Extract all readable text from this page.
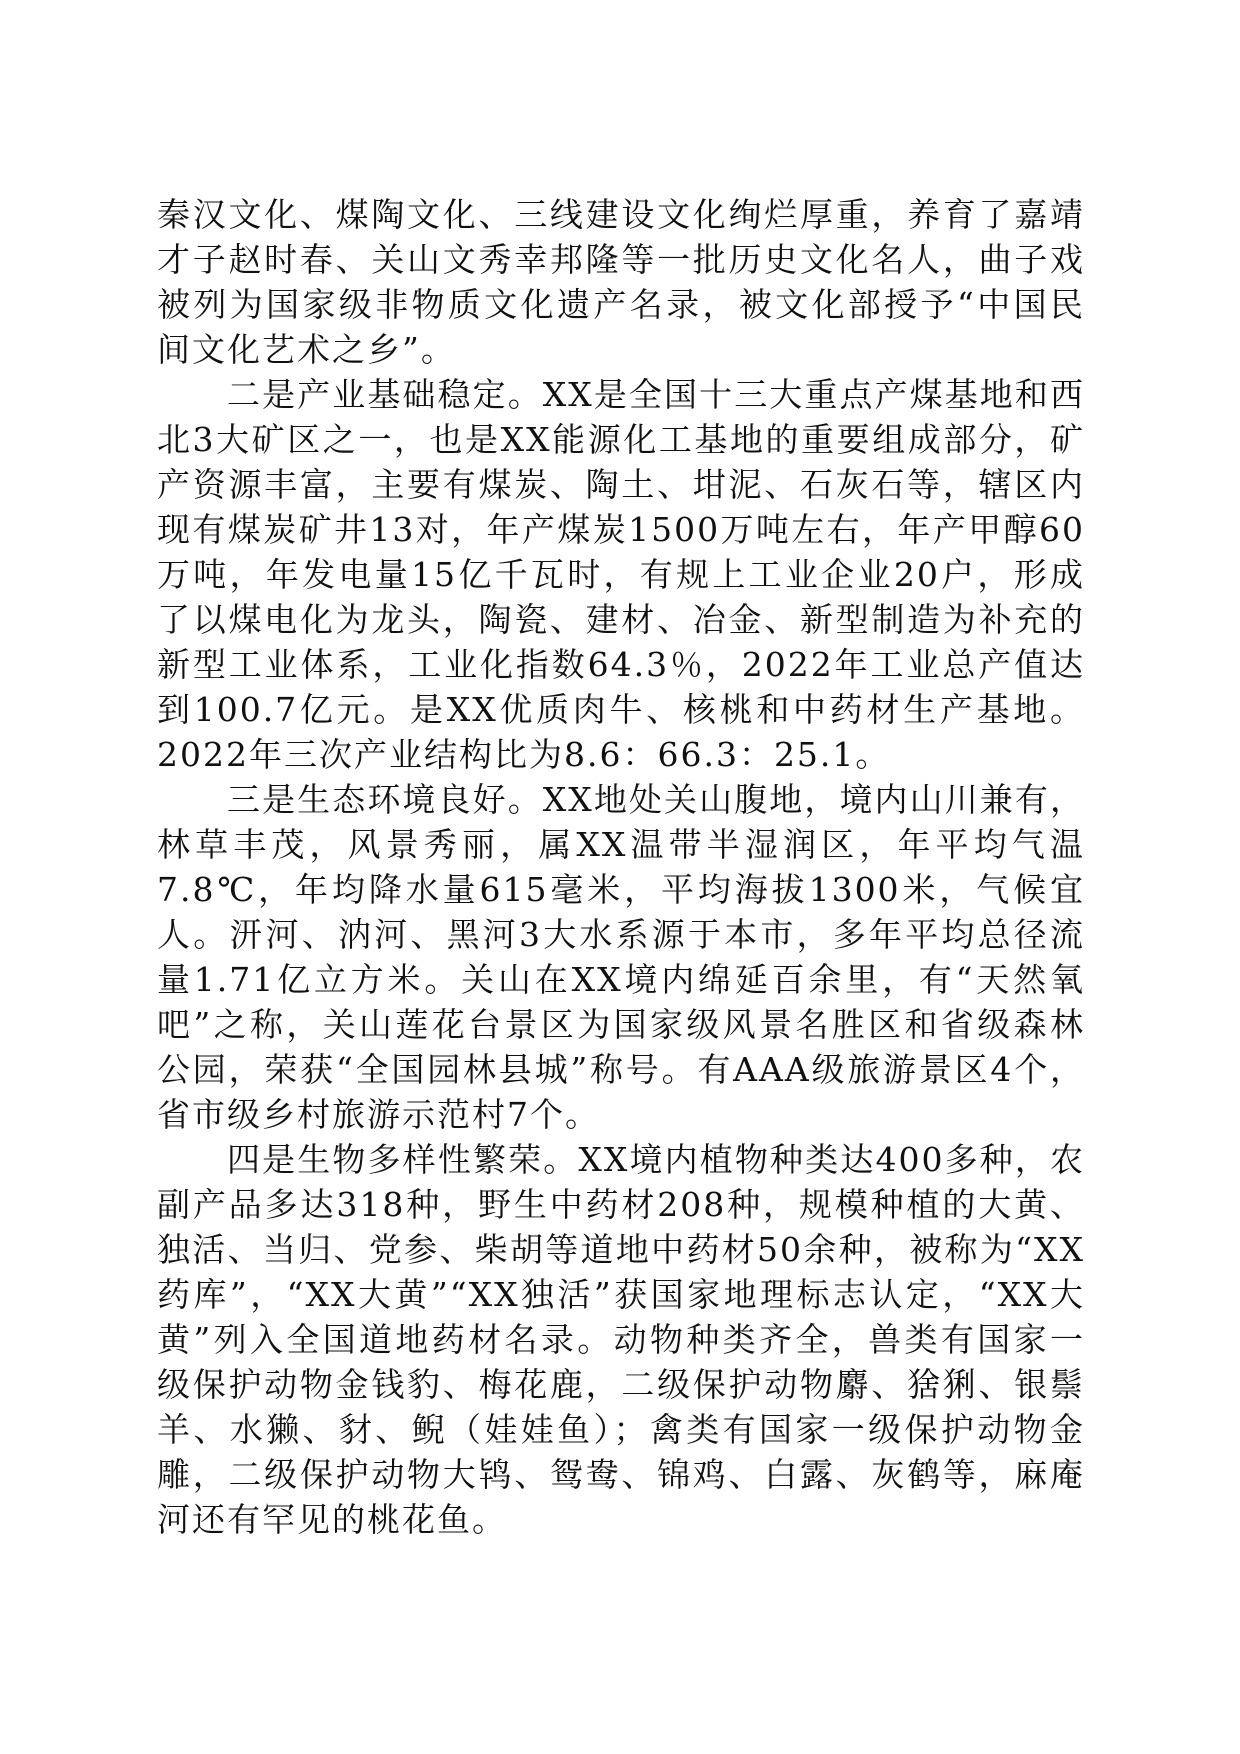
秦汉文化、煤陶文化、三线建设文化绚烂厚重，养育了嘉靖才子赵时春、关山文秀幸邦隆等一批历史文化名人，曲子戏被列为国家级非物质文化遗产名录，被文化部授予“中国民间文化艺术之乡”。

二是产业基础稳定。XX是全国十三大重点产煤基地和西北3大矿区之一，也是XX能源化工基地的重要组成部分，矿产资源丰富，主要有煤炭、陶土、坩泥、石灰石等，辖区内现有煤炭矿井13对，年产煤炭1500万吨左右，年产甲醇60万吨，年发电量15亿千瓦时，有规上工业企业20户，形成了以煤电化为龙头，陶瓷、建材、冶金、新型制造为补充的新型工业体系，工业化指数64.3％，2022年工业总产值达到100.7亿元。是XX优质肉牛、核桃和中药材生产基地。2022年三次产业结构比为8.6：66.3：25.1。

三是生态环境良好。XX地处关山腹地，境内山川兼有，林草丰茂，风景秀丽，属XX温带半湿润区，年平均气温7.8℃，年均降水量615毫米，平均海拔1300米，气候宜人。汧河、汭河、黑河3大水系源于本市，多年平均总径流量1.71亿立方米。关山在XX境内绵延百余里，有“天然氧吧”之称，关山莲花台景区为国家级风景名胜区和省级森林公园，荣获“全国园林县城”称号。有AAA级旅游景区4个，省市级乡村旅游示范村7个。

四是生物多样性繁荣。XX境内植物种类达400多种，农副产品多达318种，野生中药材208种，规模种植的大黄、独活、当归、党参、柴胡等道地中药材50余种，被称为“XX药库”，“XX大黄”“XX独活”获国家地理标志认定，“XX大黄”列入全国道地药材名录。动物种类齐全，兽类有国家一级保护动物金钱豹、梅花鹿，二级保护动物麝、猞猁、银鬃羊、水獭、豺、鲵（娃娃鱼）；禽类有国家一级保护动物金雕，二级保护动物大鸨、鸳鸯、锦鸡、白露、灰鹤等，麻庵河还有罕见的桃花鱼。
